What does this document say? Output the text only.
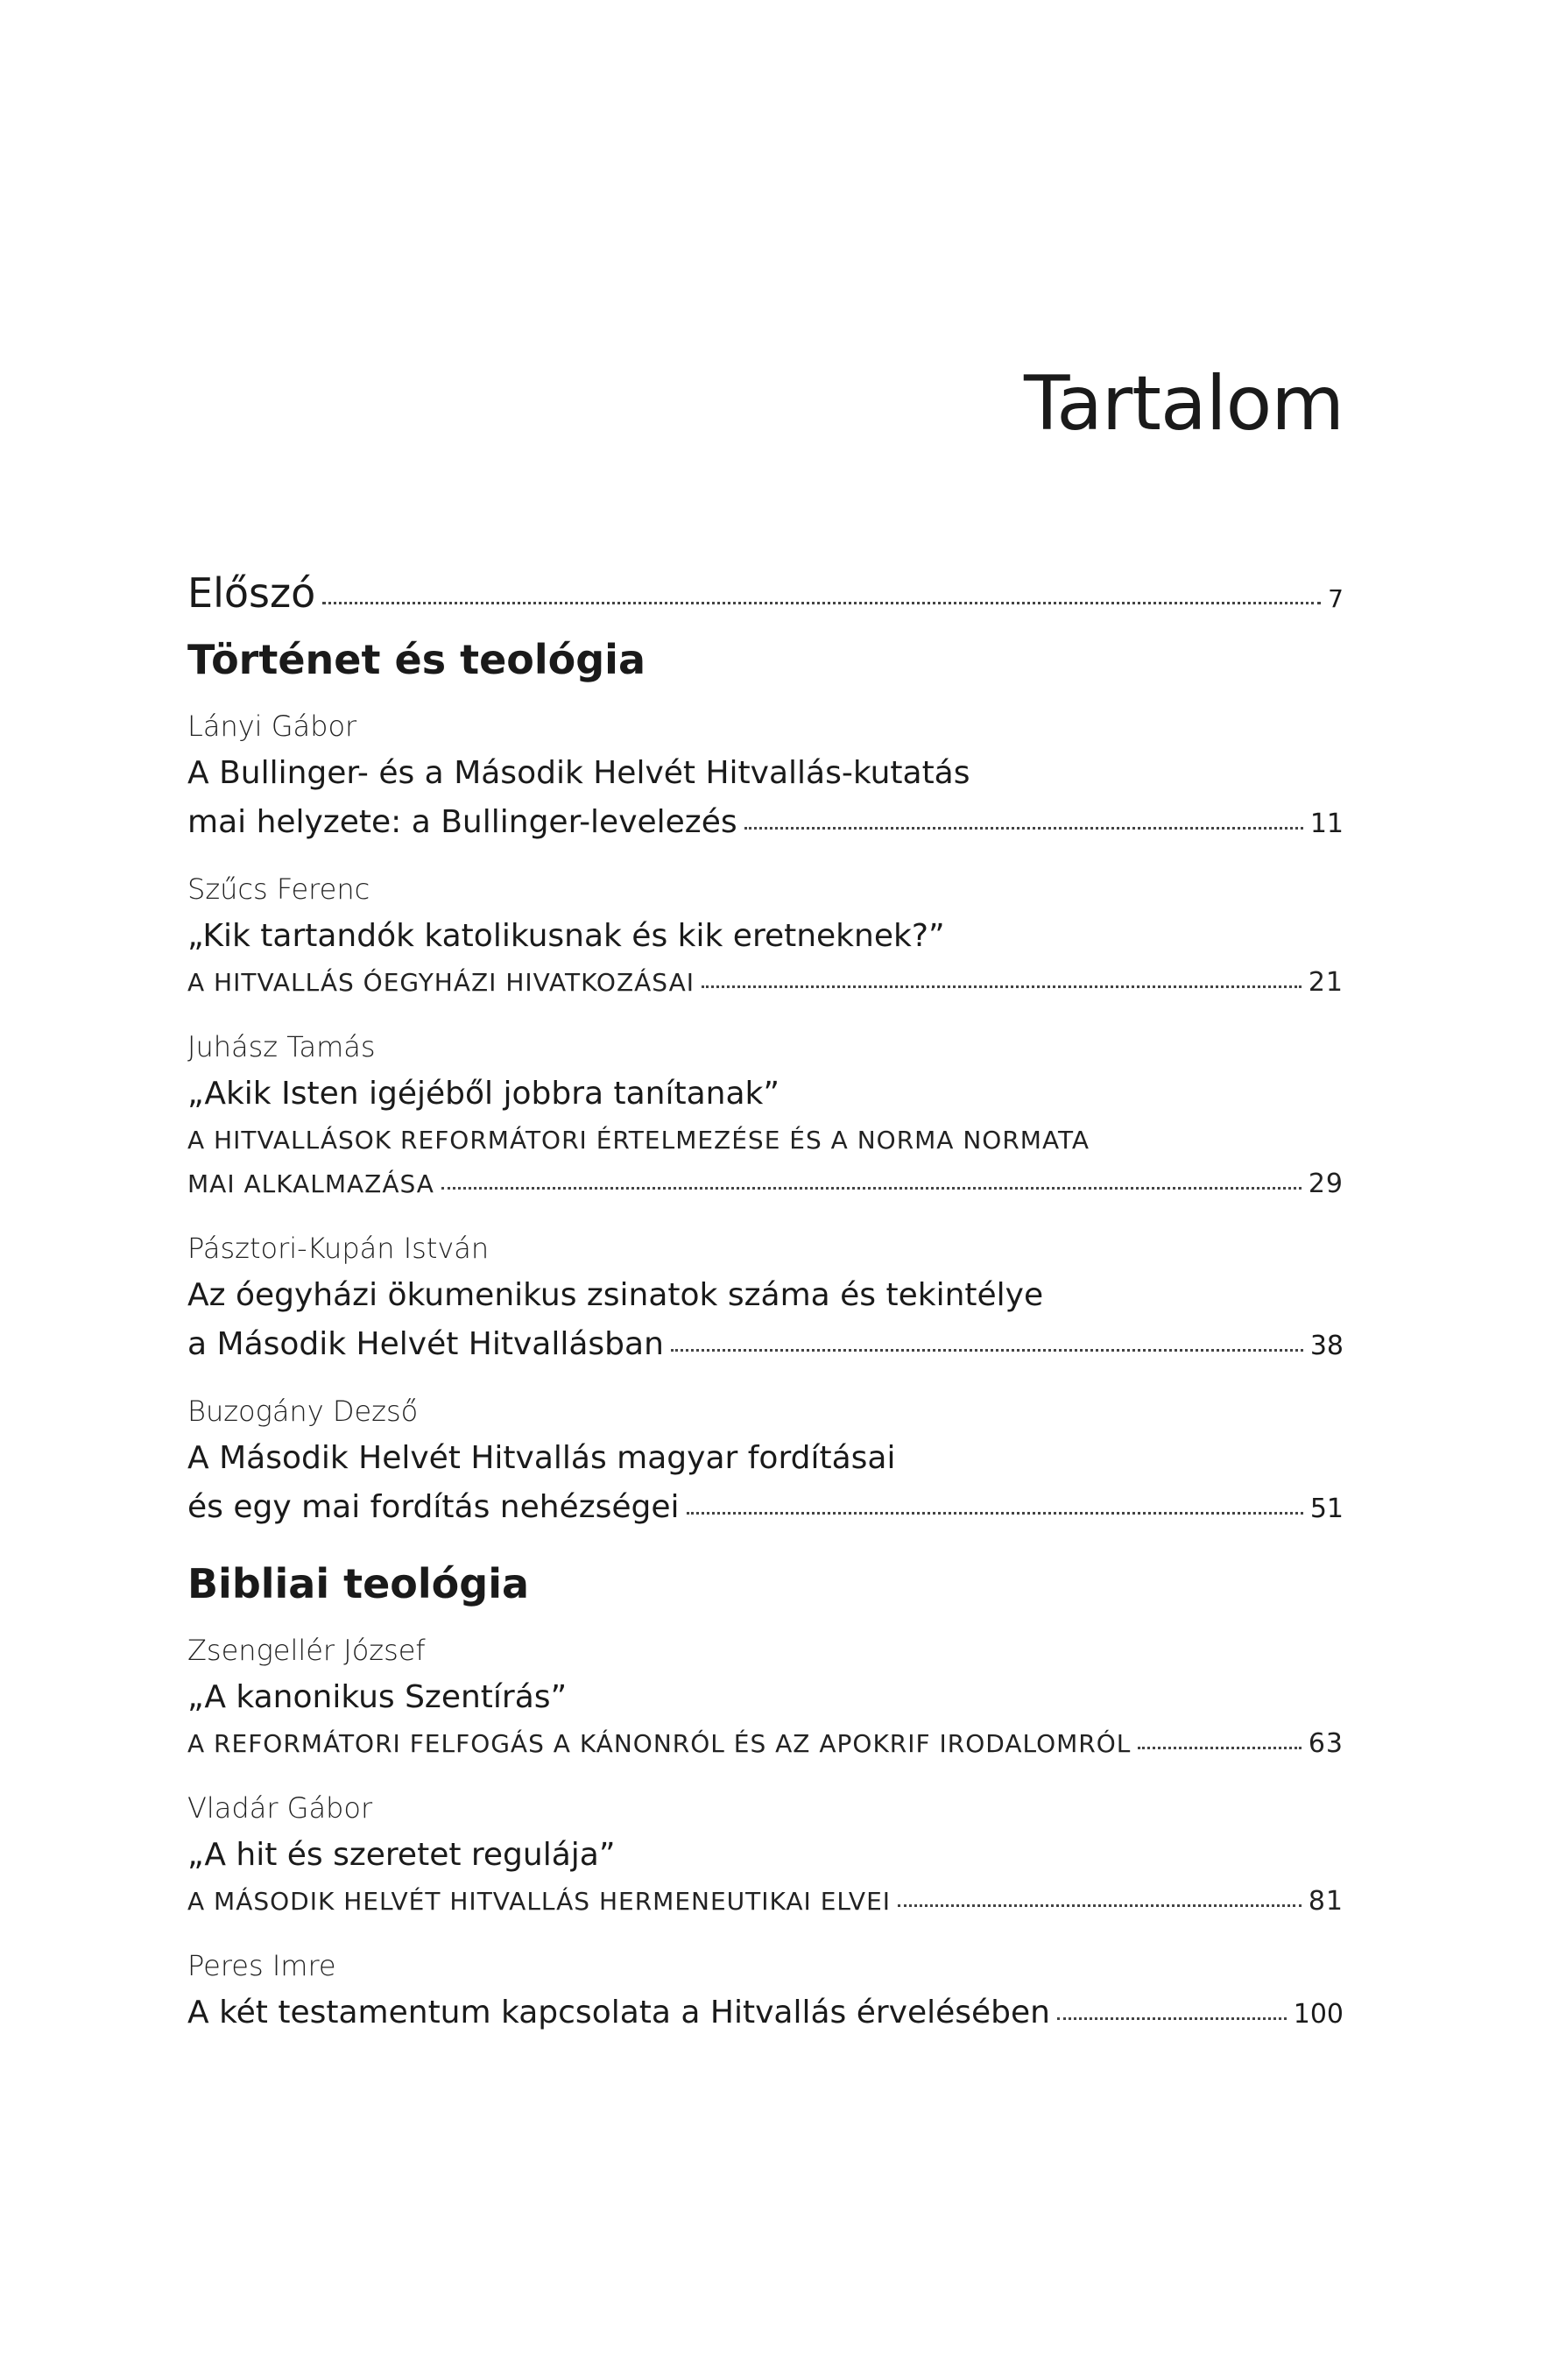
Tartalom
Előszó	7
Történet és teológia
Lányi Gábor
A Bullinger- és a Második Helvét Hitvallás-kutatás
mai helyzete: a Bullinger-levelezés	11
Szűcs Ferenc
„Kik tartandók katolikusnak és kik eretneknek?”
A HITVALLÁS ÓEGYHÁZI HIVATKOZÁSAI	21
Juhász Tamás
„Akik Isten igéjéből jobbra tanítanak”
A HITVALLÁSOK REFORMÁTORI ÉRTELMEZÉSE ÉS A NORMA NORMATA
MAI ALKALMAZÁSA	29
Pásztori-Kupán István
Az óegyházi ökumenikus zsinatok száma és tekintélye
a Második Helvét Hitvallásban	38
Buzogány Dezső
A Második Helvét Hitvallás magyar fordításai
és egy mai fordítás nehézségei	51
Bibliai teológia
Zsengellér József
„A kanonikus Szentírás”
A REFORMÁTORI FELFOGÁS A KÁNONRÓL ÉS AZ APOKRIF IRODALOMRÓL	63
Vladár Gábor
„A hit és szeretet regulája”
A MÁSODIK HELVÉT HITVALLÁS HERMENEUTIKAI ELVEI	81
Peres Imre
A két testamentum kapcsolata a Hitvallás érvelésében	100
